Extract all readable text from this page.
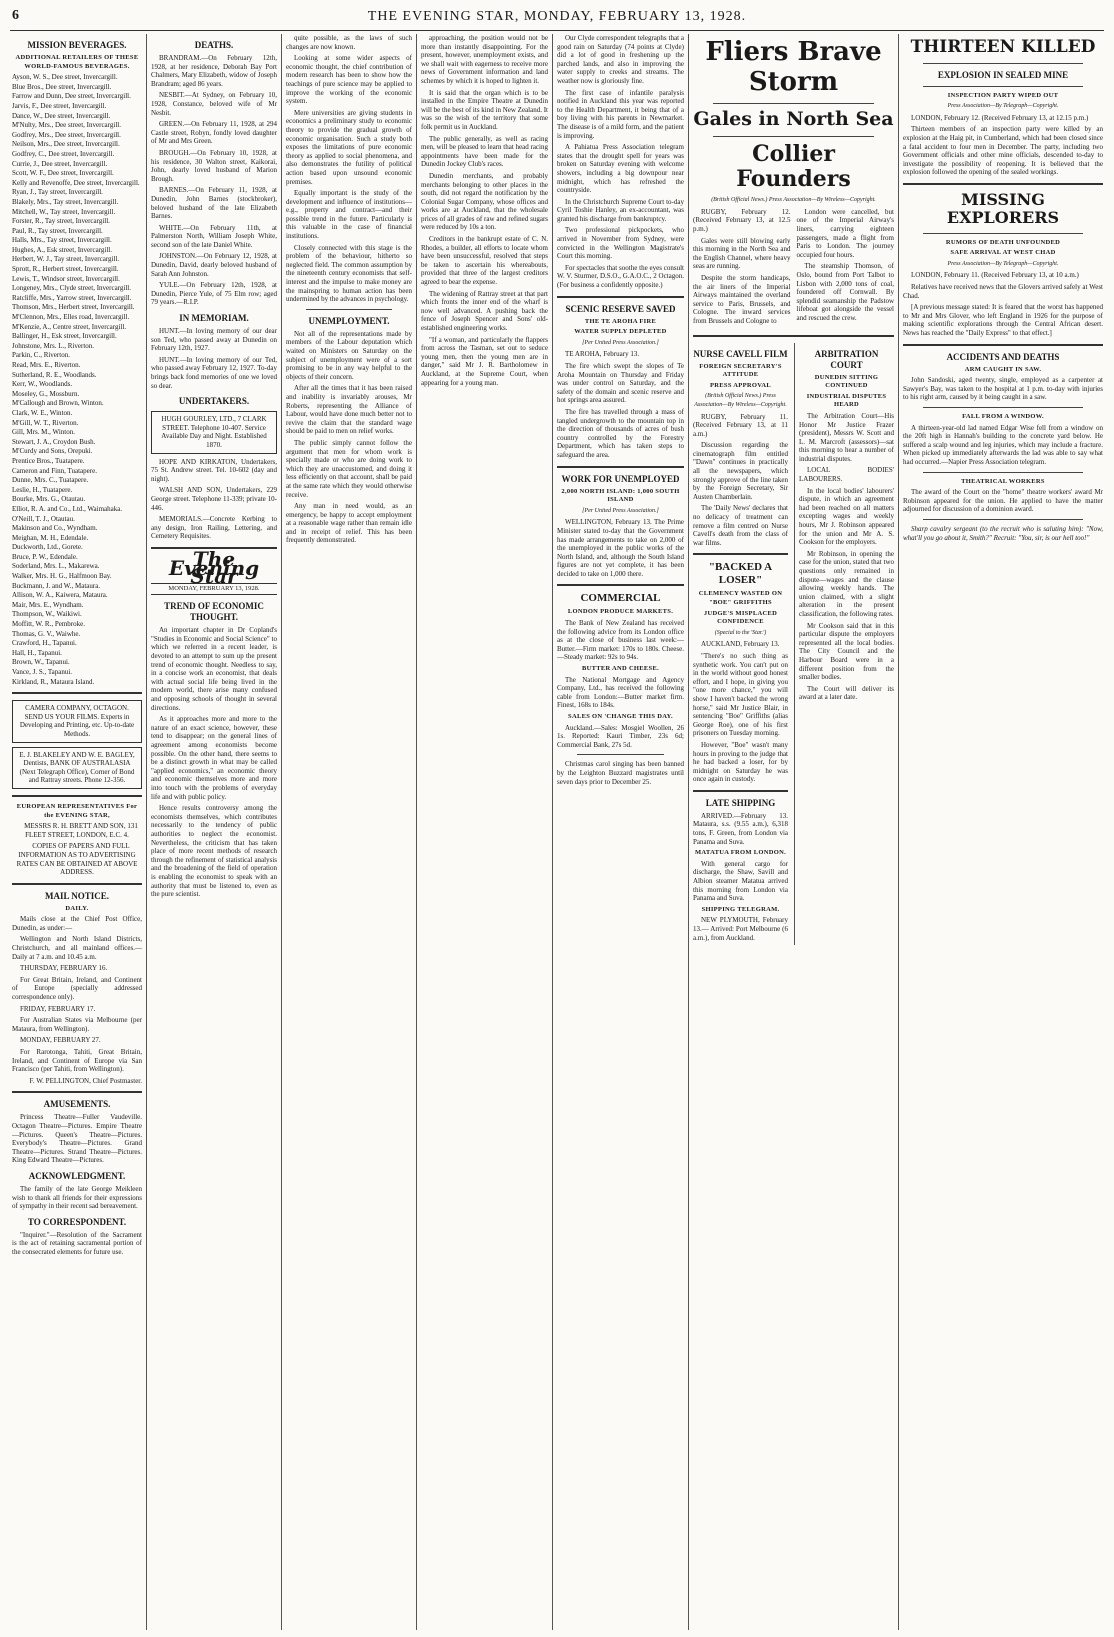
6	THE EVENING STAR, MONDAY, FEBRUARY 13, 1928.
MISSION BEVERAGES.
ADDITIONAL RETAILERS OF THESE WORLD-FAMOUS BEVERAGES.
Ayson, W. S., Dee street, Invercargill.
Blue Bros., Dee street, Invercargill.
Farrow and Dunn, Dee street, Invercargill.
Jarvis, F., Dee street, Invercargill.
Dance, W., Dee street, Invercargill.
M'Nulty, Mrs., Dee street, Invercargill.
Godfrey, Mrs., Dee street, Invercargill.
Neilson, Mrs., Dee street, Invercargill.
Godfrey, C., Dee street, Invercargill.
Currie, J., Dee street, Invercargill.
Scott, W. F., Dee street, Invercargill.
Kelly and Revenoffe, Dee street, Invercargill.
Ryan, J., Tay street, Invercargill.
Blakely, Mrs., Tay street, Invercargill.
Mitchell, W., Tay street, Invercargill.
Forster, R., Tay street, Invercargill.
Paul, R., Tay street, Invercargill.
Halls, Mrs., Tay street, Invercargill.
Hughes, A., Esk street, Invercargill.
Herbert, W. J., Tay street, Invercargill.
Sprott, R., Herbert street, Invercargill.
Lewis, T., Windsor street, Invercargill.
Longeney, Mrs., Clyde street, Invercargill.
Ratcliffe, Mrs., Yarrow street, Invercargill.
Thomson, Mrs., Herbert street, Invercargill.
M'Clennon, Mrs., Elles road, Invercargill.
M'Kenzie, A., Centre street, Invercargill.
Ballinger, H., Esk street, Invercargill.
Johnstone, Mrs. L., Riverton.
Parkin, C., Riverton.
Read, Mrs. E., Riverton.
Sutherland, R. E., Woodlands.
Kerr, W., Woodlands.
Moseley, G., Mossburn.
M'Callough and Brown, Winton.
Clark, W. E., Winton.
M'Gill, W. T., Riverton.
Gill, Mrs. M., Winton.
Stewart, J. A., Croydon Bush.
M'Curdy and Sons, Orepuki.
Prentice Bros., Tuatapere.
Cameron and Finn, Tuatapere.
Dunne, Mrs. C., Tuatapere.
Leslie, H., Tuatapere.
Bourke, Mrs. G., Otautau.
Elliot, R. A. and Co., Ltd., Waimahaka.
O'Neill, T. J., Otautau.
Makinson and Co., Wyndham.
Meighan, M. H., Edendale.
Duckworth, Ltd., Gorete.
Bruce, P. W., Edendale.
Soderland, Mrs. L., Makarewa.
Walker, Mrs. H. G., Halfmoon Bay.
Buckmann, J. and W., Mataura.
Allison, W. A., Kaiwera, Mataura.
Mair, Mrs. E., Wyndham.
Thompson, W., Waikiwi.
Moffitt, W. R., Pembroke.
Thomas, G. V., Waiwhe.
Crawford, H., Tapanui.
Hall, H., Tapanui.
Brown, W., Tapanui.
Vance, J. S., Tapanui.
Kirkland, R., Mataura Island.
CAMERA COMPANY, OCTAGON. SEND US YOUR FILMS. Experts in Developing and Printing, etc. Up-to-date Methods.
E. J. BLAKELEY AND W. E. BAGLEY, Dentists, BANK OF AUSTRALASIA (Next Telegraph Office), Corner of Bond and Rattray streets. Phone 12-356.
EUROPEAN REPRESENTATIVES For the EVENING STAR,

MESSRS R. H. BRETT AND SON, 131 FLEET STREET, LONDON, E.C. 4.

COPIES OF PAPERS AND FULL INFORMATION AS TO ADVERTISING RATES CAN BE OBTAINED AT ABOVE ADDRESS.

MAIL NOTICE.
DAILY.

Mails close at the Chief Post Office, Dunedin, as under:—

Wellington and North Island Districts, Christchurch, and all mainland offices.—Daily at 7 a.m. and 10.45 a.m.

THURSDAY, FEBRUARY 16.

For Great Britain, Ireland, and Continent of Europe (specially addressed correspondence only).

FRIDAY, FEBRUARY 17.

For Australian States via Melbourne (per Mataura, from Wellington).

MONDAY, FEBRUARY 27.

For Rarotonga, Tahiti, Great Britain, Ireland, and Continent of Europe via San Francisco (per Tahiti, from Wellington).

F. W. PELLINGTON, Chief Postmaster.

AMUSEMENTS.

Princess Theatre—Fuller Vaudeville. Octagon Theatre—Pictures. Empire Theatre—Pictures. Queen's Theatre—Pictures. Everybody's Theatre—Pictures. Grand Theatre—Pictures. Strand Theatre—Pictures. King Edward Theatre—Pictures.

ACKNOWLEDGMENT.

The family of the late George Meikleen wish to thank all friends for their expressions of sympathy in their recent sad bereavement.

TO CORRESPONDENT.

"Inquirer."—Resolution of the Sacrament is the act of retaining sacramental portion of the consecrated elements for future use.

DEATHS.

BRANDRAM.—On February 12th, 1928, at her residence, Deborah Bay Port Chalmers, Mary Elizabeth, widow of Joseph Brandram; aged 86 years.

NESBIT.—At Sydney, on February 10, 1928, Constance, beloved wife of Mr Nesbit.

GREEN.—On February 11, 1928, at 294 Castle street, Robyn, fondly loved daughter of Mr and Mrs Green.

BROUGH.—On February 10, 1928, at his residence, 30 Walton street, Kaikorai, John, dearly loved husband of Marion Brough.

BARNES.—On February 11, 1928, at Dunedin, John Barnes (stockbroker), beloved husband of the late Elizabeth Barnes.

WHITE.—On February 11th, at Palmerston North, William Joseph White, second son of the late Daniel White.

JOHNSTON.—On February 12, 1928, at Dunedin, David, dearly beloved husband of Sarah Ann Johnston.

YULE.—On February 12th, 1928, at Dunedin, Pierce Yule, of 75 Elm row; aged 79 years.—R.I.P.

IN MEMORIAM.

HUNT.—In loving memory of our dear son Ted, who passed away at Dunedin on February 12th, 1927.

HUNT.—In loving memory of our Ted, who passed away February 12, 1927. To-day brings back fond memories of one we loved so dear.

UNDERTAKERS.
HUGH GOURLEY, LTD., 7 CLARK STREET. Telephone 10-407. Service Available Day and Night. Established 1870.

HOPE AND KIRKATON, Undertakers, 75 St. Andrew street. Tel. 10-602 (day and night).

WALSH AND SON, Undertakers, 229 George street. Telephone 11-339; private 10-446.

MEMORIALS.—Concrete Kerbing to any design, Iron Railing, Lettering, and Cemetery Requisites.

The Evening Star
MONDAY, FEBRUARY 13, 1928.
TREND OF ECONOMIC THOUGHT.

An important chapter in Dr Copland's "Studies in Economic and Social Science" to which we referred in a recent leader, is devoted to an attempt to sum up the present trend of economic thought. Needless to say, in a concise work an economist, that deals with actual social life being lived in the modern world, there arise many confused and opposing schools of thought in several directions.

As it approaches more and more to the nature of an exact science, however, these tend to disappear; on the general lines of agreement among economists become possible. On the other hand, there seems to be a distinct growth in what may be called "applied economics," an economic theory and economic themselves more and more into touch with the problems of everyday life and with public policy.

Hence results controversy among the economists themselves, which contributes necessarily to the tendency of public authorities to neglect the economist. Nevertheless, the criticism that has taken place of more recent methods of research through the refinement of statistical analysis and the broadening of the field of operation is enabling the economist to speak with an authority that must be listened to, even as the pure scientist.

quite possible, as the laws of such changes are now known.

Looking at some wider aspects of economic thought, the chief contribution of modern research has been to show how the teachings of pure science may be applied to improve the working of the economic system.

Mere universities are giving students in economics a preliminary study to economic theory to provide the gradual growth of economic organisation. Such a study both exposes the limitations of pure economic theory as applied to social phenomena, and also demonstrates the futility of political action based upon unsound economic premises.

Equally important is the study of the development and influence of institutions—e.g., property and contract—and their possible trend in the future. Particularly is this valuable in the case of financial institutions.

Closely connected with this stage is the problem of the behaviour, hitherto so neglected field. The common assumption by the nineteenth century economists that self-interest and the impulse to make money are the mainspring to human action has been undermined by the advances in psychology.

UNEMPLOYMENT.

Not all of the representations made by members of the Labour deputation which waited on Ministers on Saturday on the subject of unemployment were of a sort promising to be in any way helpful to the objects of their concern.

After all the times that it has been raised and inability is invariably arouses, Mr Roberts, representing the Alliance of Labour, would have done much better not to revive the claim that the standard wage should be paid to men on relief works.

The public simply cannot follow the argument that men for whom work is specially made or who are doing work to which they are unaccustomed, and doing it less efficiently on that account, shall be paid at the same rate which they would otherwise receive.

Any man in need would, as an emergency, be happy to accept employment at a reasonable wage rather than remain idle and in receipt of relief. This has been frequently demonstrated.

approaching, the position would not be more than instantly disappointing. For the present, however, unemployment exists, and we shall wait with eagerness to receive more news of Government information and land schemes by which it is hoped to lighten it.

It is said that the organ which is to be installed in the Empire Theatre at Dunedin will be the best of its kind in New Zealand. It was so the wish of the territory that some folk permit us in Auckland.

The public generally, as well as racing men, will be pleased to learn that head racing appointments have been made for the Dunedin Jockey Club's races.

Dunedin merchants, and probably merchants belonging to other places in the south, did not regard the notification by the Colonial Sugar Company, whose offices and works are at Auckland, that the wholesale prices of all grades of raw and refined sugars were reduced by 10s a ton.

Creditors in the bankrupt estate of C. N. Rhodes, a builder, all efforts to locate whom have been unsuccessful, resolved that steps be taken to ascertain his whereabouts, provided that three of the largest creditors agreed to bear the expense.

The widening of Rattray street at that part which fronts the inner end of the wharf is now well advanced. A pushing back the fence of Joseph Spencer and Sons' old-established engineering works.

"If a woman, and particularly the flappers from across the Tasman, set out to seduce young men, then the young men are in danger," said Mr J. R. Bartholomew in Auckland, at the Supreme Court, when appearing for a young man.

Our Clyde correspondent telegraphs that a good rain on Saturday (74 points at Clyde) did a lot of good in freshening up the parched lands, and also in improving the water supply to creeks and streams. The weather now is gloriously fine.

The first case of infantile paralysis notified in Auckland this year was reported to the Health Department, it being that of a boy living with his parents in Newmarket. The disease is of a mild form, and the patient is improving.

A Pahiatua Press Association telegram states that the drought spell for years was broken on Saturday evening with welcome showers, including a big downpour near midnight, which has refreshed the countryside.

In the Christchurch Supreme Court to-day Cyril Toshie Hanley, an ex-accountant, was granted his discharge from bankruptcy.

Two professional pickpockets, who arrived in November from Sydney, were convicted in the Wellington Magistrate's Court this morning.

For spectacles that soothe the eyes consult W. V. Sturmer, D.S.O., G.A.O.C., 2 Octagon. (For business a confidently opposite.)

SCENIC RESERVE SAVED
THE TE AROHA FIRE
WATER SUPPLY DEPLETED
[Per United Press Association.]

TE AROHA, February 13.

The fire which swept the slopes of Te Aroha Mountain on Thursday and Friday was under control on Saturday, and the safety of the domain and scenic reserve and hot springs area assured.

The fire has travelled through a mass of tangled undergrowth to the mountain top in the direction of thousands of acres of bush country controlled by the Forestry Department, which has taken steps to safeguard the area.

WORK FOR UNEMPLOYED
2,000 NORTH ISLAND: 1,000 SOUTH ISLAND
[Per United Press Association.]

WELLINGTON, February 13. The Prime Minister stated to-day that the Government has made arrangements to take on 2,000 of the unemployed in the public works of the North Island, and, although the South Island figures are not yet complete, it has been decided to take on 1,000 there.

COMMERCIAL
LONDON PRODUCE MARKETS.

The Bank of New Zealand has received the following advice from its London office as at the close of business last week:— Butter.—Firm market: 170s to 180s. Cheese.—Steady market: 92s to 94s.

BUTTER AND CHEESE.

The National Mortgage and Agency Company, Ltd., has received the following cable from London:—Butter market firm. Finest, 168s to 184s.

SALES ON 'CHANGE THIS DAY.

Auckland.—Sales: Mosgiel Woollen, 26 1s. Reported: Kauri Timber, 23s 6d; Commercial Bank, 27s 5d.

Christmas carol singing has been banned by the Leighton Buzzard magistrates until seven days prior to December 25.

Fliers Brave Storm
Gales in North Sea
Collier Founders
(British Official News.) Press Association—By Wireless—Copyright.

RUGBY, February 12. (Received February 13, at 12.5 p.m.)

Gales were still blowing early this morning in the North Sea and the English Channel, where heavy seas are running.

Despite the storm handicaps, the air liners of the Imperial Airways maintained the overland service to Paris, Brussels, and Cologne. The inward services from Brussels and Cologne to

London were cancelled, but one of the Imperial Airway's liners, carrying eighteen passengers, made a flight from Paris to London. The journey occupied four hours.

The steamship Thomson, of Oslo, bound from Port Talbot to Lisbon with 2,000 tons of coal, foundered off Cornwall. By splendid seamanship the Padstow lifeboat got alongside the vessel and rescued the crew.

NURSE CAVELL FILM
FOREIGN SECRETARY'S ATTITUDE
PRESS APPROVAL
(British Official News.) Press Association—By Wireless—Copyright.

RUGBY, February 11. (Received February 13, at 11 a.m.)

Discussion regarding the cinematograph film entitled "Dawn" continues in practically all the newspapers, which strongly approve of the line taken by the Foreign Secretary, Sir Austen Chamberlain.

The 'Daily News' declares that no delicacy of treatment can remove a film centred on Nurse Cavell's death from the class of war films.

"BACKED A LOSER"
CLEMENCY WASTED ON "BOE" GRIFFITHS
JUDGE'S MISPLACED CONFIDENCE
(Special to the 'Star.')

AUCKLAND, February 13.

"There's no such thing as synthetic work. You can't put on in the world without good honest effort, and I hope, in giving you "one more chance," you will show I haven't backed the wrong horse," said Mr Justice Blair, in sentencing "Boe" Griffiths (alias George Roe), one of his first prisoners on Tuesday morning.

However, "Boe" wasn't many hours in proving to the judge that he had backed a loser, for by midnight on Saturday he was once again in custody.

LATE SHIPPING

ARRIVED.—February 13. Mataura, s.s. (9.55 a.m.), 6,318 tons, F. Green, from London via Panama and Suva.

MATATUA FROM LONDON.

With general cargo for discharge, the Shaw, Savill and Albion steamer Matatua arrived this morning from London via Panama and Suva.

SHIPPING TELEGRAM.

NEW PLYMOUTH, February 13.— Arrived: Port Melbourne (6 a.m.), from Auckland.

ARBITRATION COURT
DUNEDIN SITTING CONTINUED
INDUSTRIAL DISPUTES HEARD

The Arbitration Court—His Honor Mr Justice Frazer (president), Messrs W. Scott and L. M. Marcroft (assessors)—sat this morning to hear a number of industrial disputes.

LOCAL BODIES' LABOURERS.

In the local bodies' labourers' dispute, in which an agreement had been reached on all matters excepting wages and weekly hours, Mr J. Robinson appeared for the union and Mr A. S. Cookson for the employers.

Mr Robinson, in opening the case for the union, stated that two questions only remained in dispute—wages and the clause allowing weekly hands. The union claimed, with a slight alteration in the present classification, the following rates.

Mr Cookson said that in this particular dispute the employers represented all the local bodies. The City Council and the Harbour Board were in a different position from the smaller bodies.

The Court will deliver its award at a later date.

THIRTEEN KILLED
EXPLOSION IN SEALED MINE
INSPECTION PARTY WIPED OUT
Press Association—By Telegraph—Copyright.

LONDON, February 12. (Received February 13, at 12.15 p.m.)

Thirteen members of an inspection party were killed by an explosion at the Haig pit, in Cumberland, which had been closed since a fatal accident to four men in December. The party, including two Government officials and other mine officials, descended to-day to investigate the possibility of reopening. It is believed that the explosion followed the opening of the sealed workings.

MISSING EXPLORERS
RUMORS OF DEATH UNFOUNDED
SAFE ARRIVAL AT WEST CHAD
Press Association—By Telegraph—Copyright.

LONDON, February 11. (Received February 13, at 10 a.m.)

Relatives have received news that the Glovers arrived safely at West Chad.

[A previous message stated: It is feared that the worst has happened to Mr and Mrs Glover, who left England in 1926 for the purpose of making scientific explorations through the Central African desert. News has reached the "Daily Express" to that effect.]

ACCIDENTS AND DEATHS
ARM CAUGHT IN SAW.

John Sandoski, aged twenty, single, employed as a carpenter at Sawyer's Bay, was taken to the hospital at 1 p.m. to-day with injuries to his right arm, caused by it being caught in a saw.

FALL FROM A WINDOW.

A thirteen-year-old lad named Edgar Wise fell from a window on the 20ft high in Hannah's building to the concrete yard below. He suffered a scalp wound and leg injuries, which may include a fracture. When picked up immediately afterwards the lad was able to say what had occurred.—Napier Press Association telegram.

THEATRICAL WORKERS

The award of the Court on the "home" theatre workers' award Mr Robinson appeared for the union. He applied to have the matter adjourned for discussion of a dominion award.

Sharp cavalry sergeant (to the recruit who is saluting him): "Now, what'll you go about it, Smith?" Recruit: "You, sir, is our hell too!"
